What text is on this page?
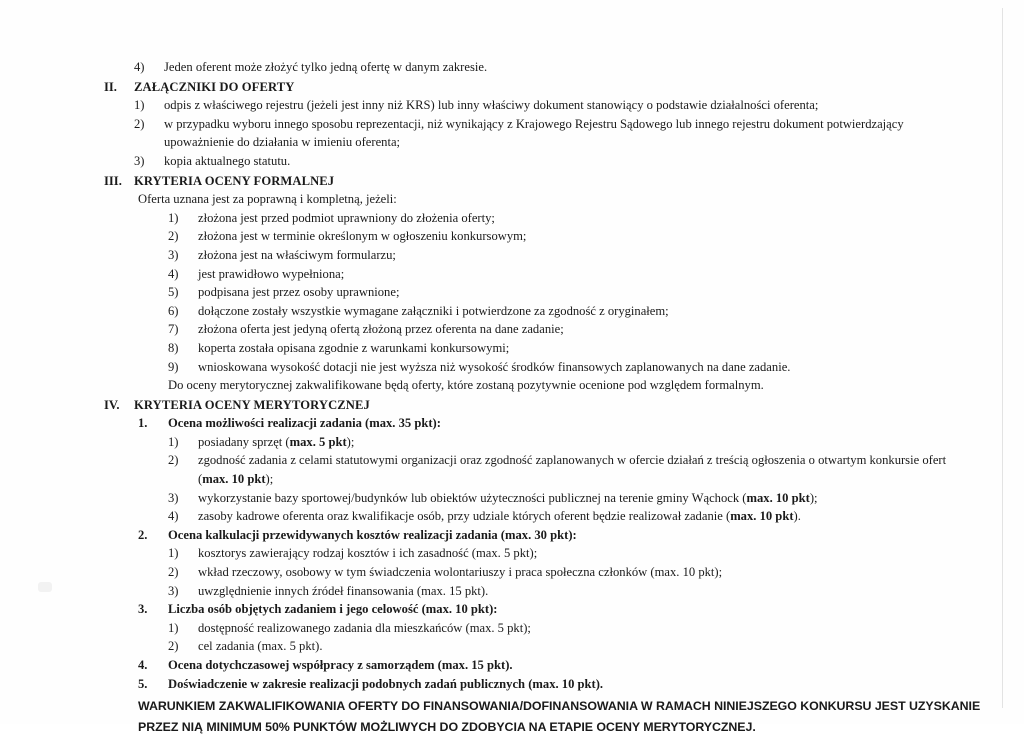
4)	Jeden oferent może złożyć tylko jedną ofertę w danym zakresie.
II.	ZAŁĄCZNIKI DO OFERTY
1)	odpis z właściwego rejestru (jeżeli jest inny niż KRS) lub inny właściwy dokument stanowiący o podstawie działalności oferenta;
2)	w przypadku wyboru innego sposobu reprezentacji, niż wynikający z Krajowego Rejestru Sądowego lub innego rejestru dokument potwierdzający upoważnienie do działania w imieniu oferenta;
3)	kopia aktualnego statutu.
III. KRYTERIA OCENY FORMALNEJ
Oferta uznana jest za poprawną i kompletną, jeżeli:
1)	złożona jest przed podmiot uprawniony do złożenia oferty;
2)	złożona jest w terminie określonym w ogłoszeniu konkursowym;
3)	złożona jest na właściwym formularzu;
4)	jest prawidłowo wypełniona;
5)	podpisana jest przez osoby uprawnione;
6)	dołączone zostały wszystkie wymagane załączniki i potwierdzone za zgodność z oryginałem;
7)	złożona oferta jest jedyną ofertą złożoną przez oferenta na dane zadanie;
8)	koperta została opisana zgodnie z warunkami konkursowymi;
9)	wnioskowana wysokość dotacji nie jest wyższa niż wysokość środków finansowych zaplanowanych na dane zadanie.
Do oceny merytorycznej zakwalifikowane będą oferty, które zostaną pozytywnie ocenione pod względem formalnym.
IV.	KRYTERIA OCENY MERYTORYCZNEJ
1.	Ocena możliwości realizacji zadania (max. 35 pkt):
1)	posiadany sprzęt (max. 5 pkt);
2)	zgodność zadania z celami statutowymi organizacji oraz zgodność zaplanowanych w ofercie działań z treścią ogłoszenia o otwartym konkursie ofert (max. 10 pkt);
3)	wykorzystanie bazy sportowej/budynków lub obiektów użyteczności publicznej na terenie gminy Wąchock (max. 10 pkt);
4)	zasoby kadrowe oferenta oraz kwalifikacje osób, przy udziale których oferent będzie realizował zadanie (max. 10 pkt).
2.	Ocena kalkulacji przewidywanych kosztów realizacji zadania (max. 30 pkt):
1)	kosztorys zawierający rodzaj kosztów i ich zasadność (max. 5 pkt);
2)	wkład rzeczowy, osobowy w tym świadczenia wolontariuszy i praca społeczna członków (max. 10 pkt);
3)	uwzględnienie innych źródeł finansowania (max. 15 pkt).
3.	Liczba osób objętych zadaniem i jego celowość (max. 10 pkt):
1)	dostępność realizowanego zadania dla mieszkańców (max. 5 pkt);
2)	cel zadania (max. 5 pkt).
4.	Ocena dotychczasowej współpracy z samorządem (max. 15 pkt).
5.	Doświadczenie w zakresie realizacji podobnych zadań publicznych (max. 10 pkt).
WARUNKIEM ZAKWALIFIKOWANIA OFERTY DO FINANSOWANIA/DOFINANSOWANIA W RAMACH NINIEJSZEGO KONKURSU JEST UZYSKANIE
PRZEZ NIĄ MINIMUM 50% PUNKTÓW MOŻLIWYCH DO ZDOBYCIA NA ETAPIE OCENY MERYTORYCZNEJ.
